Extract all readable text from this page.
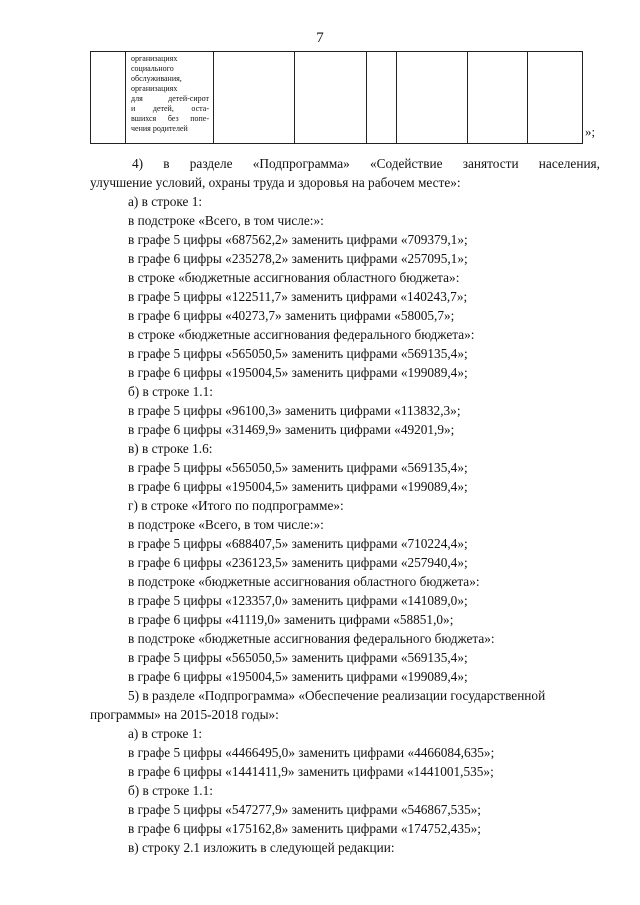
7
организациях
социального
обслуживания,
организациях
для детей-сирот
и детей, оста-
вшихся без попе-
чения родителей	»;
4) в разделе «Подпрограмма» «Содействие занятости населения,
улучшение условий, охраны труда и здоровья на рабочем месте»:
а) в строке 1:
в подстроке «Всего, в том числе:»:
в графе 5 цифры «687562,2» заменить цифрами «709379,1»;
в графе 6 цифры «235278,2» заменить цифрами «257095,1»;
в строке «бюджетные ассигнования областного бюджета»:
в графе 5 цифры «122511,7» заменить цифрами «140243,7»;
в графе 6 цифры «40273,7» заменить цифрами «58005,7»;
в строке «бюджетные ассигнования федерального бюджета»:
в графе 5 цифры «565050,5» заменить цифрами «569135,4»;
в графе 6 цифры «195004,5» заменить цифрами «199089,4»;
б) в строке 1.1:
в графе 5 цифры «96100,3» заменить цифрами «113832,3»;
в графе 6 цифры «31469,9» заменить цифрами «49201,9»;
в) в строке 1.6:
в графе 5 цифры «565050,5» заменить цифрами «569135,4»;
в графе 6 цифры «195004,5» заменить цифрами «199089,4»;
г) в строке «Итого по подпрограмме»:
в подстроке «Всего, в том числе:»:
в графе 5 цифры «688407,5» заменить цифрами «710224,4»;
в графе 6 цифры «236123,5» заменить цифрами «257940,4»;
в подстроке «бюджетные ассигнования областного бюджета»:
в графе 5 цифры «123357,0» заменить цифрами «141089,0»;
в графе 6 цифры «41119,0» заменить цифрами «58851,0»;
в подстроке «бюджетные ассигнования федерального бюджета»:
в графе 5 цифры «565050,5» заменить цифрами «569135,4»;
в графе 6 цифры «195004,5» заменить цифрами «199089,4»;
5) в разделе «Подпрограмма» «Обеспечение реализации государственной
программы» на 2015-2018 годы»:
а) в строке 1:
в графе 5 цифры «4466495,0» заменить цифрами «4466084,635»;
в графе 6 цифры «1441411,9» заменить цифрами «1441001,535»;
б) в строке 1.1:
в графе 5 цифры «547277,9» заменить цифрами «546867,535»;
в графе 6 цифры «175162,8» заменить цифрами «174752,435»;
в) строку 2.1 изложить в следующей редакции:
